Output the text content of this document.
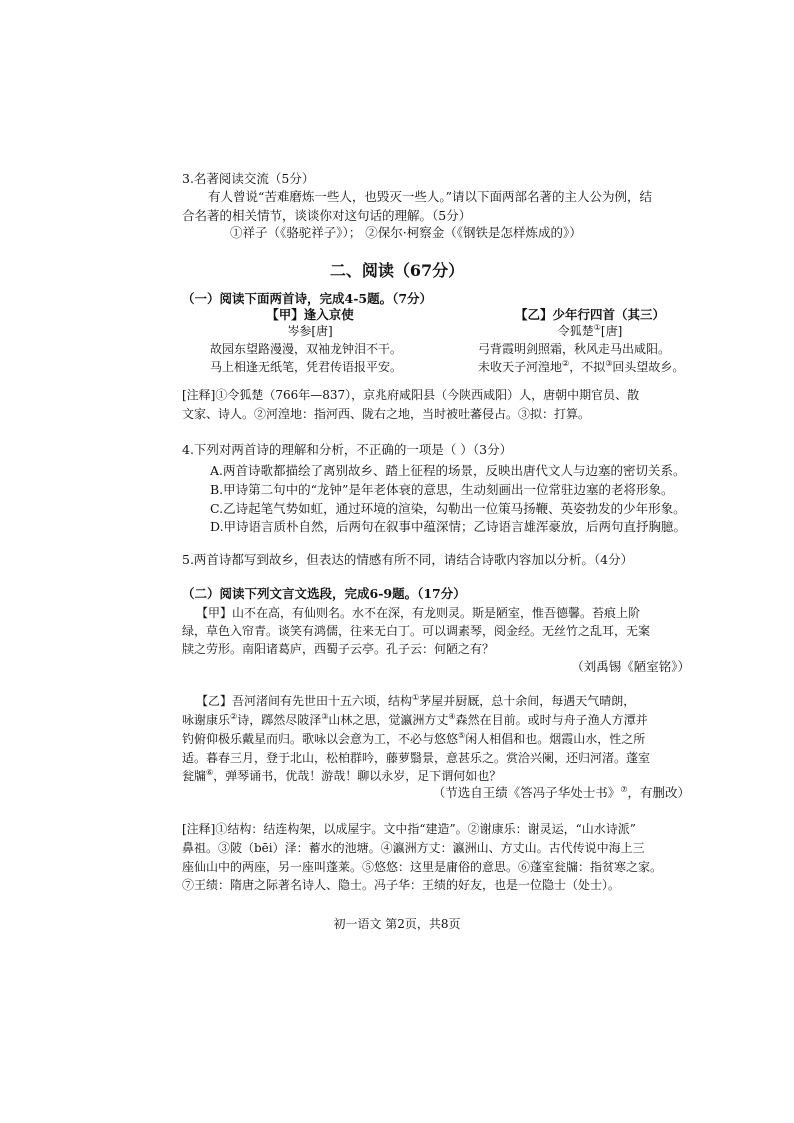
3.名著阅读交流（5分）
有人曾说“苦难磨炼一些人，也毁灭一些人。”请以下面两部名著的主人公为例，结
合名著的相关情节，谈谈你对这句话的理解。（5分）
①祥子（《骆驼祥子》）； ②保尔·柯察金（《钢铁是怎样炼成的》）
二、阅读（67分）
（一）阅读下面两首诗，完成4-5题。（7分）
【甲】逢入京使
岑参[唐]
故园东望路漫漫，双袖龙钟泪不干。
马上相逢无纸笔，凭君传语报平安。
【乙】少年行四首（其三）
令狐楚①[唐]
弓背霞明剑照霜，秋风走马出咸阳。
未收天子河湟地②，不拟③回头望故乡。
[注释]①令狐楚（766年—837），京兆府咸阳县（今陕西咸阳）人，唐朝中期官员、散
文家、诗人。②河湟地：指河西、陇右之地，当时被吐蕃侵占。③拟：打算。
4.下列对两首诗的理解和分析，不正确的一项是（ ）（3分）
A.两首诗歌都描绘了离别故乡、踏上征程的场景，反映出唐代文人与边塞的密切关系。
B.甲诗第二句中的“龙钟”是年老体衰的意思，生动刻画出一位常驻边塞的老将形象。
C.乙诗起笔气势如虹，通过环境的渲染，勾勒出一位策马扬鞭、英姿勃发的少年形象。
D.甲诗语言质朴自然，后两句在叙事中蕴深情；乙诗语言雄浑豪放，后两句直抒胸臆。
5.两首诗都写到故乡，但表达的情感有所不同，请结合诗歌内容加以分析。（4分）
（二）阅读下列文言文选段，完成6-9题。（17分）
【甲】山不在高，有仙则名。水不在深，有龙则灵。斯是陋室，惟吾德馨。苔痕上阶
绿，草色入帘青。谈笑有鸿儒，往来无白丁。可以调素琴，阅金经。无丝竹之乱耳，无案
牍之劳形。南阳诸葛庐，西蜀子云亭。孔子云：何陋之有？
（刘禹锡《陋室铭》）
【乙】吾河渚间有先世田十五六顷，结构①茅屋并厨厩，总十余间，每遇天气晴朗，
咏谢康乐②诗，踯然尽陂泽③山林之思，觉瀛洲方丈④森然在目前。或时与舟子渔人方潭并
钓俯仰极乐戴星而归。歌咏以会意为工，不必与悠悠⑤闲人相倡和也。烟霞山水，性之所
适。暮春三月，登于北山，松柏群吟，藤萝翳景，意甚乐之。赏洽兴阑，还归河渚。蓬室
瓮牖⑥，弹琴诵书，优哉！游哉！聊以永岁，足下谓何如也？
（节选自王绩《答冯子华处士书》⑦，有删改）
[注释]①结构：结连构架，以成屋宇。文中指“建造”。②谢康乐：谢灵运，“山水诗派”
鼻祖。③陂（bēi）泽：蓄水的池塘。④瀛洲方丈：瀛洲山、方丈山。古代传说中海上三
座仙山中的两座，另一座叫蓬莱。⑤悠悠：这里是庸俗的意思。⑥蓬室瓮牖：指贫寒之家。
⑦王绩：隋唐之际著名诗人、隐士。冯子华：王绩的好友，也是一位隐士（处士）。
初一语文 第2页，共8页
